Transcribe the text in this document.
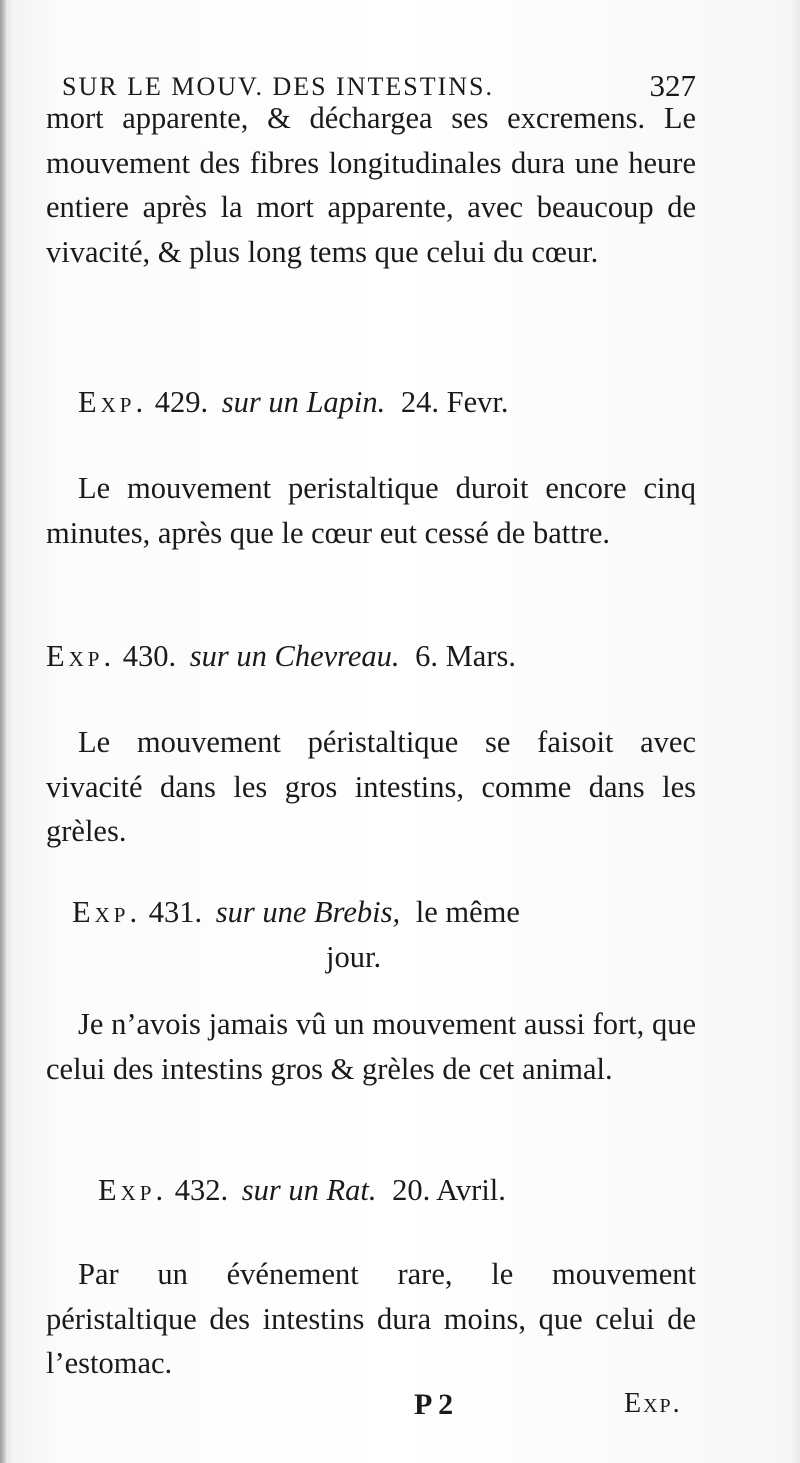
SUR LE MOUV. DES INTESTINS.	327

mort apparente, & déchargea ses excremens. Le mouvement des fibres longitudinales dura une heure entiere après la mort apparente, avec beaucoup de vivacité, & plus long tems que celui du cœur.

Exp. 429. sur un Lapin. 24. Fevr.

Le mouvement peristaltique duroit encore cinq minutes, après que le cœur eut cessé de battre.

Exp. 430. sur un Chevreau. 6. Mars.

Le mouvement péristaltique se faisoit avec vivacité dans les gros intestins, comme dans les grèles.

Exp. 431. sur une Brebis, le même
jour.

Je n’avois jamais vû un mouvement aussi fort, que celui des intestins gros & grèles de cet animal.

Exp. 432. sur un Rat. 20. Avril.

Par un événement rare, le mouvement péristaltique des intestins dura moins, que celui de l’estomac.

P 2	Exp.
